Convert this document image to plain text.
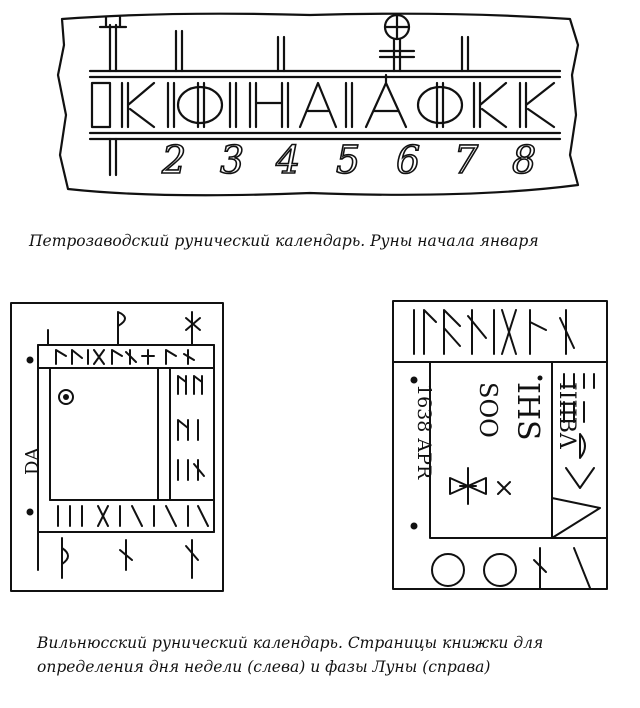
2 3 4 5 6 7 8
Петрозаводский рунический календарь. Руны начала января
DA	1638 APR	IHS
SOO ΙΙΙΙΒΛ
Вильнюсский рунический календарь. Страницы книжки для
определения дня недели (слева) и фазы Луны (справа)
